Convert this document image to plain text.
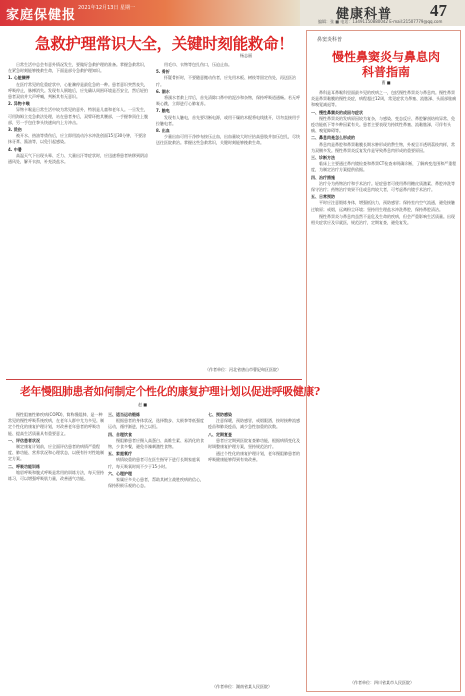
家庭保健报 2021年12月13日 星期一	健康科普 47
编辑：张 ■ 电话：13491150880042 E-mail:21507779@qq.com
急救护理常识大全，关键时刻能救命！
杨志丽

日常生活中总会有意外情况发生，要做好急救护理的准备。掌握急救常识，在紧急时刻能够挽救生命，下面是部分急救护理知识。

1. 心脏骤停

在医疗常见的危重症状中，心脏骤停是最危急的一种。患者意识突然丧失，呼吸停止，脉搏消失。发现有人倒地后，应先确认周围环境是否安全，然后轻拍患者双肩并大声呼喊，判断其有无意识。

2. 异物卡喉

异物卡喉是日常生活中较为常见的意外，特别是儿童和老年人。一旦发生，可用海姆立克急救法处理，站在患者身后，双臂环抱其腰部，一手握拳顶住上腹部，另一手包住拳头快速向内上方冲击。

3. 烫伤

被开水、热油等烫伤后，应立即用流动冷水冲洗创面15至30分钟，不要涂抹牙膏、酱油等，以免引起感染。

4. 中暑

高温天气下出现头晕、乏力、大量出汗等症状时，应迅速将患者转移到阴凉通风处，解开衣扣，补充淡盐水。

用毛巾、衣物等包扎伤口，压迫止血。

5. 骨折

怀疑骨折时，不要随意搬动伤者，应先用木板、树枝等固定伤处，再送医治疗。

6. 溺水

将溺水者救上岸后，首先清除口鼻中的泥沙和杂物，保持呼吸道通畅。若无呼吸心跳，立即进行心肺复苏。

7. 触电

发现有人触电，首先要切断电源，或用干燥的木棍将电线挑开，切勿直接用手拉触电者。

8. 出血

少量出血可用干净纱布按压止血，出血量较大时应抬高患肢并加压包扎，尽快送往医院救治。掌握这些急救常识，关键时刻能够挽救生命。

（作者单位：河北省唐山市曹妃甸区医院）
老年慢阻肺患者如何制定个性化的康复护理计划以促进呼吸健康?
赵 ■

慢性阻塞性肺疾病(COPD)，简称慢阻肺，是一种常见的慢性呼吸系统疾病，在老年人群中尤为多见。制定个性化的康复护理计划，对改善老年患者的呼吸功能、提高生活质量具有重要意义。

一、评估患者状况

制定康复计划前，应全面评估患者的病情严重程度、肺功能、营养状况和心理状态，以便有针对性地制定方案。

二、呼吸功能训练

缩唇呼吸和腹式呼吸是常用的训练方法，每天坚持练习，可以增强呼吸肌力量，改善通气功能。

三、适当运动锻炼

根据患者的身体状况，选择散步、太极拳等低强度运动，循序渐进，持之以恒。

四、合理饮食

慢阻肺患者应摄入高蛋白、高维生素、易消化的食物，少食多餐，避免辛辣刺激性食物。

五、家庭氧疗

病情较重的患者可在医生指导下进行长期家庭氧疗，每天吸氧时间不少于15小时。

六、心理护理

家属应多关心患者，帮助其树立战胜疾病的信心，保持积极乐观的心态。

七、预防感染

注意保暖，预防感冒，戒烟限酒，按时接种流感疫苗和肺炎疫苗，减少急性加重的次数。

八、定期复查

患者应定期到医院复查肺功能，根据病情变化及时调整康复护理方案，坚持规范治疗。

通过个性化的康复护理计划，老年慢阻肺患者的呼吸健康能够得到有效改善。

（作者单位：湖南省某人民医院）
鼻窦炎科普
慢性鼻窦炎与鼻息肉
科普指南
曹 ■

鼻科是耳鼻喉科里面最多见的疾病之一，包括慢性鼻窦炎与鼻息肉。慢性鼻窦炎是鼻窦黏膜的慢性炎症，病程超过12周，常见症状为鼻塞、流脓涕、头面部胀痛和嗅觉减退等。

一、慢性鼻窦炎的成因与症状

慢性鼻窦炎的发病原因较为复杂，与感染、变态反应、鼻腔解剖结构异常、免疫功能低下等多种因素有关。患者主要表现为持续性鼻塞、流黏脓涕，可伴有头痛、嗅觉障碍等。

二、鼻息肉是怎么形成的

鼻息肉是鼻腔和鼻窦黏膜长期水肿形成的赘生物，外观呈半透明荔枝肉样，常为双侧多发。慢性鼻窦炎反复发作是导致鼻息肉形成的重要原因。

三、诊断方法

临床上主要通过鼻内镜检查和鼻窦CT检查来明确诊断，了解病变范围和严重程度，为制定治疗方案提供依据。

四、治疗措施

治疗分为药物治疗和手术治疗。轻症患者可使用鼻用糖皮质激素、鼻腔冲洗等保守治疗；药物治疗效果不佳或息肉较大者，可考虑鼻内镜手术治疗。

五、日常预防

平时应注意锻炼身体，增强抵抗力，预防感冒；保持室内空气流通，避免接触过敏原；戒烟，远离粉尘环境；坚持用生理盐水冲洗鼻腔，保持鼻腔清洁。

慢性鼻窦炎与鼻息肉虽然不是危及生命的疾病，但会严重影响生活质量。出现相关症状应及早就医，规范治疗，定期复查，避免复发。

（作者单位：四川省某市人民医院）
